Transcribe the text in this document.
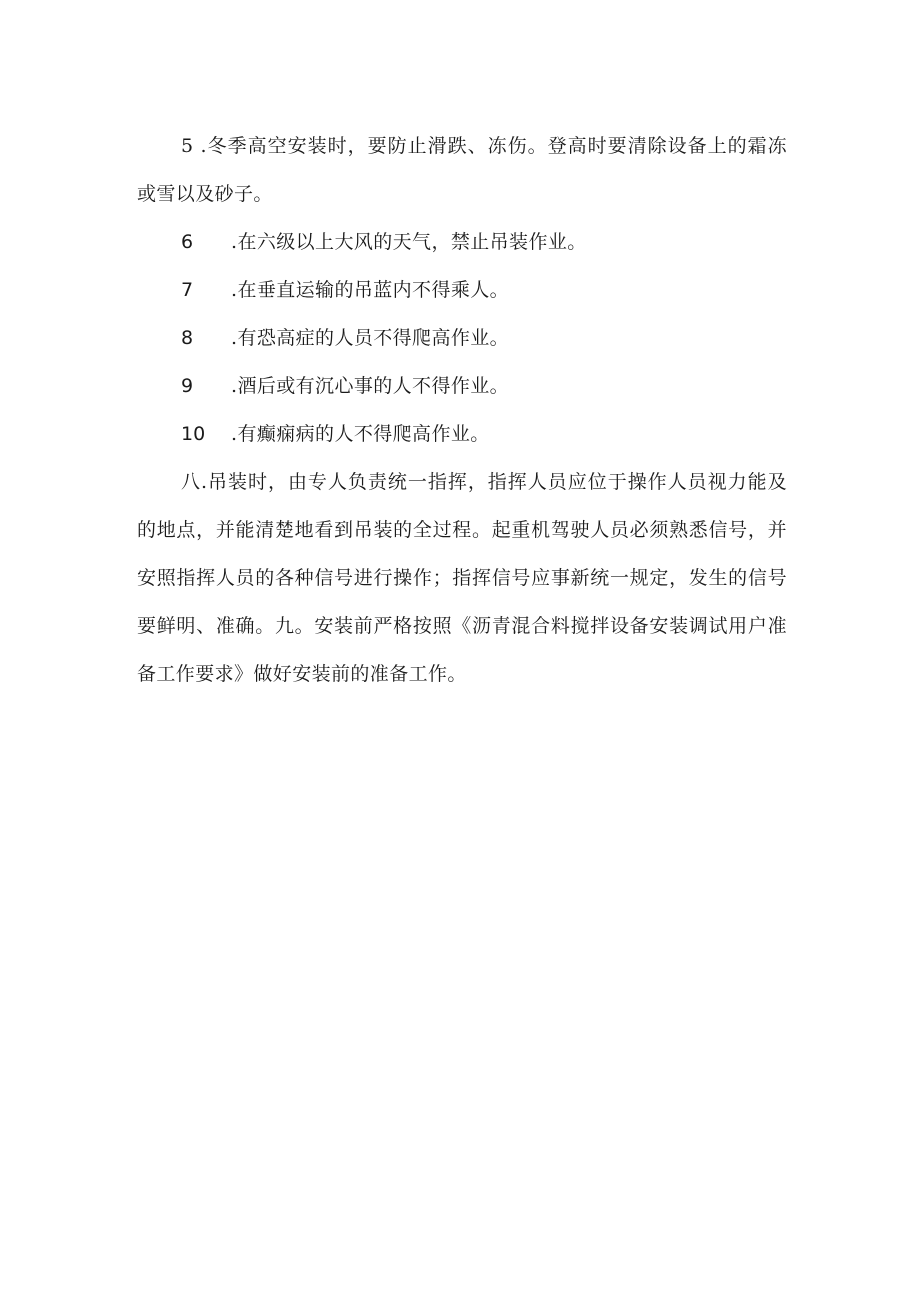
5 .冬季高空安装时，要防止滑跌、冻伤。登高时要清除设备上的霜冻或雪以及砂子。

6	.在六级以上大风的天气，禁止吊装作业。
7	.在垂直运输的吊蓝内不得乘人。
8	.有恐高症的人员不得爬高作业。
9	.酒后或有沉心事的人不得作业。
10	.有癫痫病的人不得爬高作业。

八.吊装时，由专人负责统一指挥，指挥人员应位于操作人员视力能及的地点，并能清楚地看到吊装的全过程。起重机驾驶人员必须熟悉信号，并安照指挥人员的各种信号进行操作；指挥信号应事新统一规定，发生的信号要鲜明、准确。九。安装前严格按照《沥青混合料搅拌设备安装调试用户准备工作要求》做好安装前的准备工作。
